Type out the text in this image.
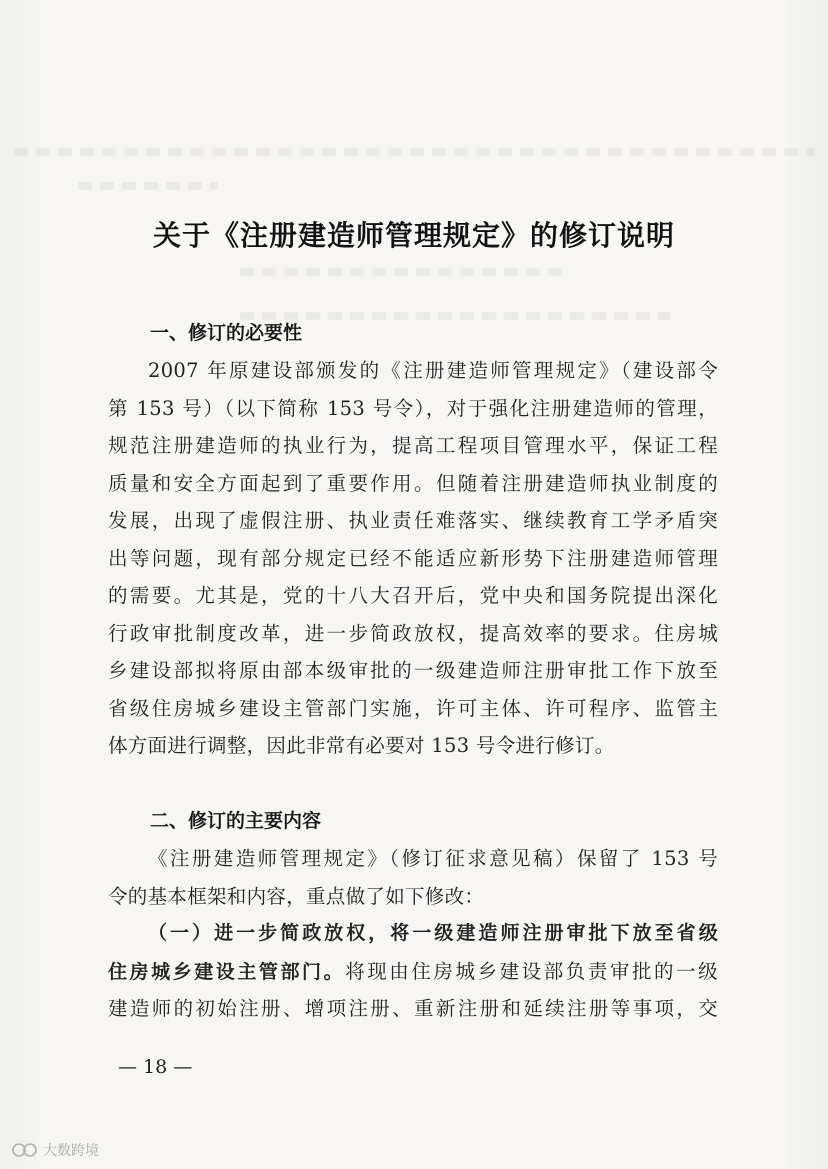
关于《注册建造师管理规定》的修订说明
一、修订的必要性
2007 年原建设部颁发的《注册建造师管理规定》（建设部令
第 153 号）（以下简称 153 号令），对于强化注册建造师的管理，
规范注册建造师的执业行为，提高工程项目管理水平，保证工程
质量和安全方面起到了重要作用。但随着注册建造师执业制度的
发展，出现了虚假注册、执业责任难落实、继续教育工学矛盾突
出等问题，现有部分规定已经不能适应新形势下注册建造师管理
的需要。尤其是，党的十八大召开后，党中央和国务院提出深化
行政审批制度改革，进一步简政放权，提高效率的要求。住房城
乡建设部拟将原由部本级审批的一级建造师注册审批工作下放至
省级住房城乡建设主管部门实施，许可主体、许可程序、监管主
体方面进行调整，因此非常有必要对 153 号令进行修订。
二、修订的主要内容
《注册建造师管理规定》（修订征求意见稿）保留了 153 号
令的基本框架和内容，重点做了如下修改：
（一）进一步简政放权，将一级建造师注册审批下放至省级
住房城乡建设主管部门。将现由住房城乡建设部负责审批的一级
建造师的初始注册、增项注册、重新注册和延续注册等事项，交
— 18 —
大数跨境
